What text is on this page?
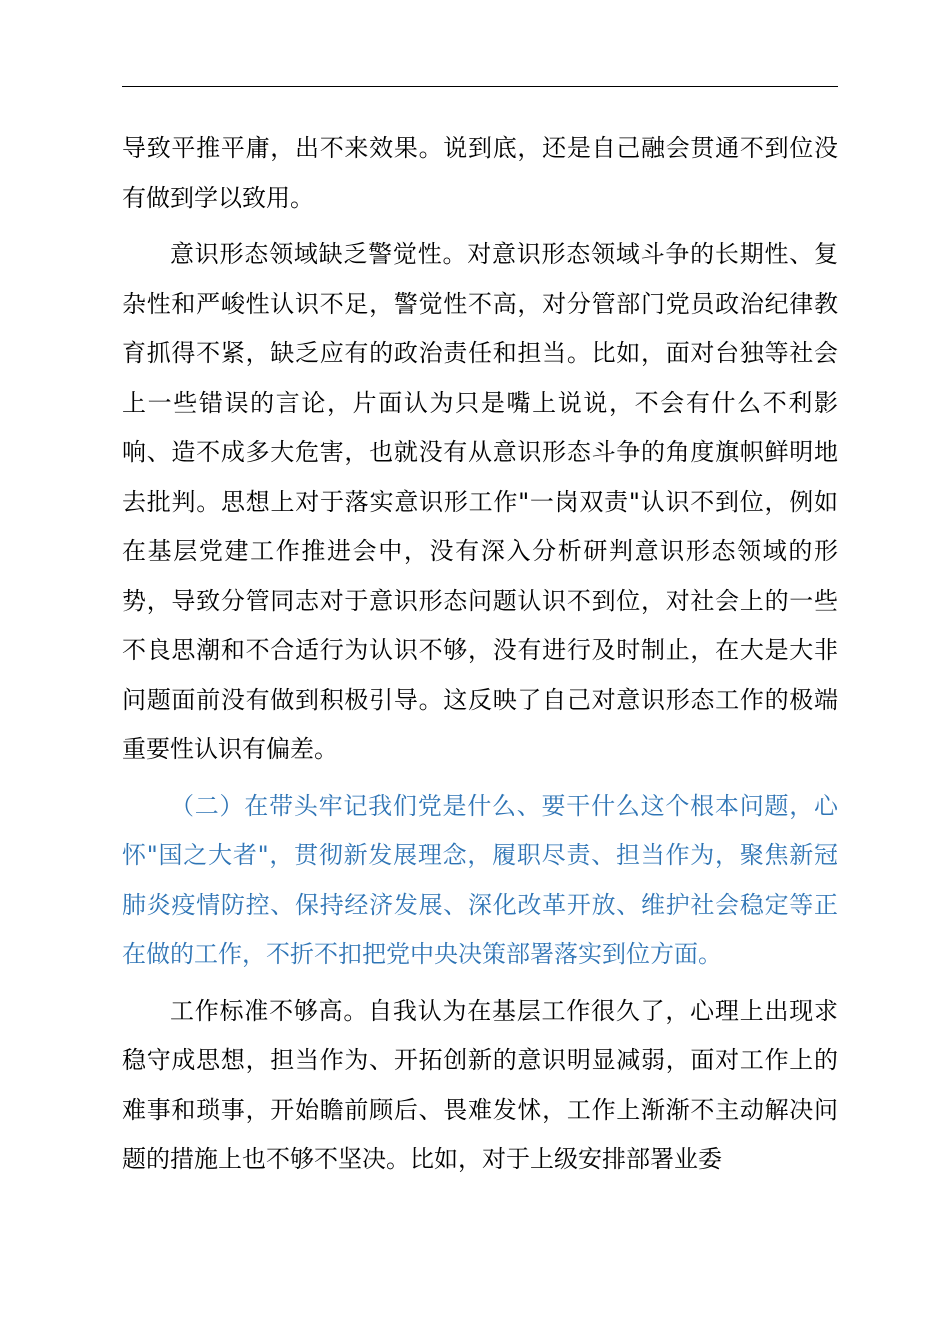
导致平推平庸，出不来效果。说到底，还是自己融会贯通不到位没有做到学以致用。

意识形态领域缺乏警觉性。对意识形态领域斗争的长期性、复杂性和严峻性认识不足，警觉性不高，对分管部门党员政治纪律教育抓得不紧，缺乏应有的政治责任和担当。比如，面对台独等社会上一些错误的言论，片面认为只是嘴上说说，不会有什么不利影响、造不成多大危害，也就没有从意识形态斗争的角度旗帜鲜明地去批判。思想上对于落实意识形工作"一岗双责"认识不到位，例如在基层党建工作推进会中，没有深入分析研判意识形态领域的形势，导致分管同志对于意识形态问题认识不到位，对社会上的一些不良思潮和不合适行为认识不够，没有进行及时制止，在大是大非问题面前没有做到积极引导。这反映了自己对意识形态工作的极端重要性认识有偏差。

（二）在带头牢记我们党是什么、要干什么这个根本问题，心怀"国之大者"，贯彻新发展理念，履职尽责、担当作为，聚焦新冠肺炎疫情防控、保持经济发展、深化改革开放、维护社会稳定等正在做的工作，不折不扣把党中央决策部署落实到位方面。

工作标准不够高。自我认为在基层工作很久了，心理上出现求稳守成思想，担当作为、开拓创新的意识明显减弱，面对工作上的难事和琐事，开始瞻前顾后、畏难发怵，工作上渐渐不主动解决问题的措施上也不够不坚决。比如，对于上级安排部署业委
